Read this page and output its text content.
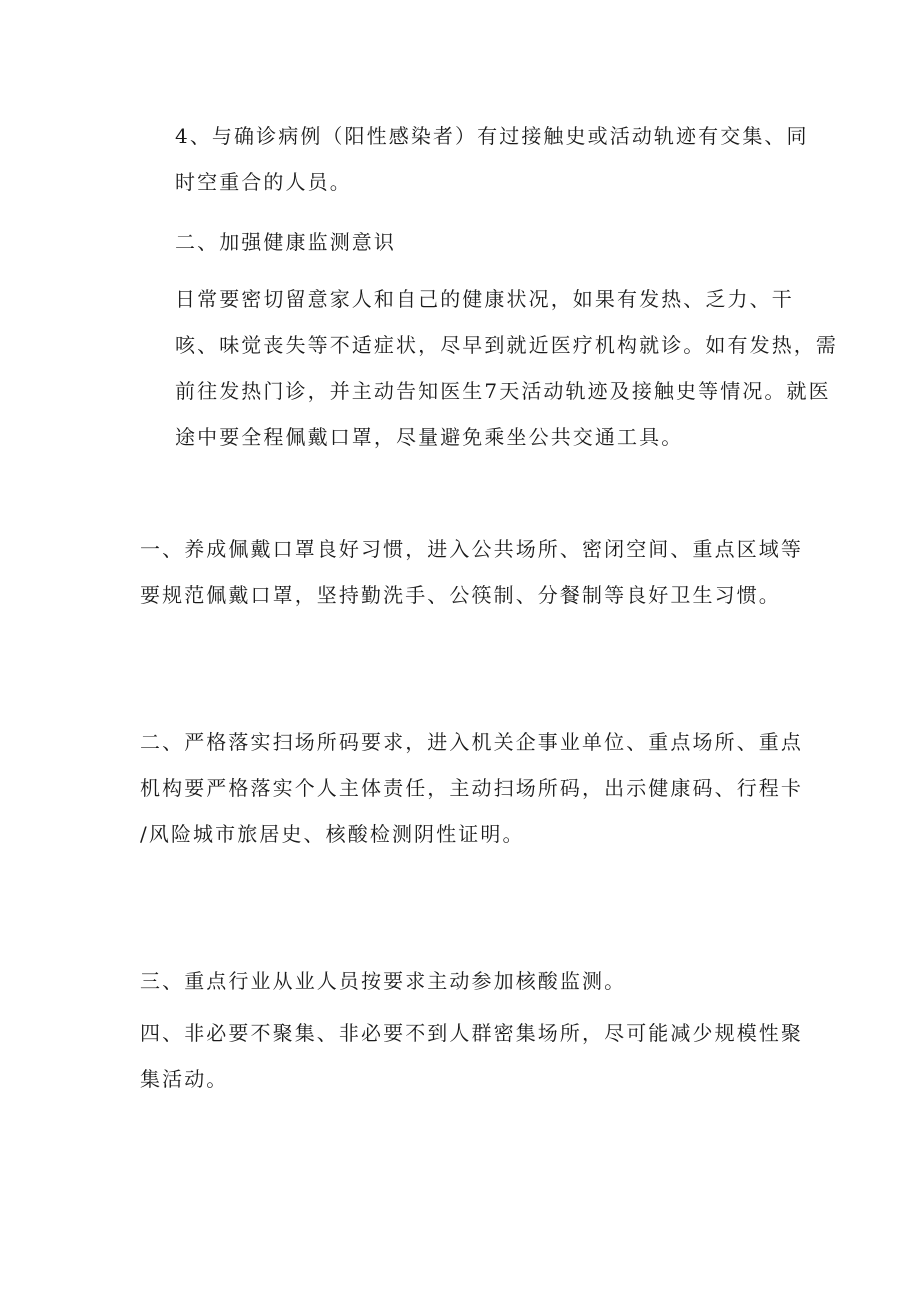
4、与确诊病例（阳性感染者）有过接触史或活动轨迹有交集、同
时空重合的人员。

二、加强健康监测意识

日常要密切留意家人和自己的健康状况，如果有发热、乏力、干
咳、味觉丧失等不适症状，尽早到就近医疗机构就诊。如有发热，需
前往发热门诊，并主动告知医生7天活动轨迹及接触史等情况。就医
途中要全程佩戴口罩，尽量避免乘坐公共交通工具。

一、养成佩戴口罩良好习惯，进入公共场所、密闭空间、重点区域等
要规范佩戴口罩，坚持勤洗手、公筷制、分餐制等良好卫生习惯。

二、严格落实扫场所码要求，进入机关企事业单位、重点场所、重点
机构要严格落实个人主体责任，主动扫场所码，出示健康码、行程卡
/风险城市旅居史、核酸检测阴性证明。

三、重点行业从业人员按要求主动参加核酸监测。

四、非必要不聚集、非必要不到人群密集场所，尽可能减少规模性聚
集活动。
